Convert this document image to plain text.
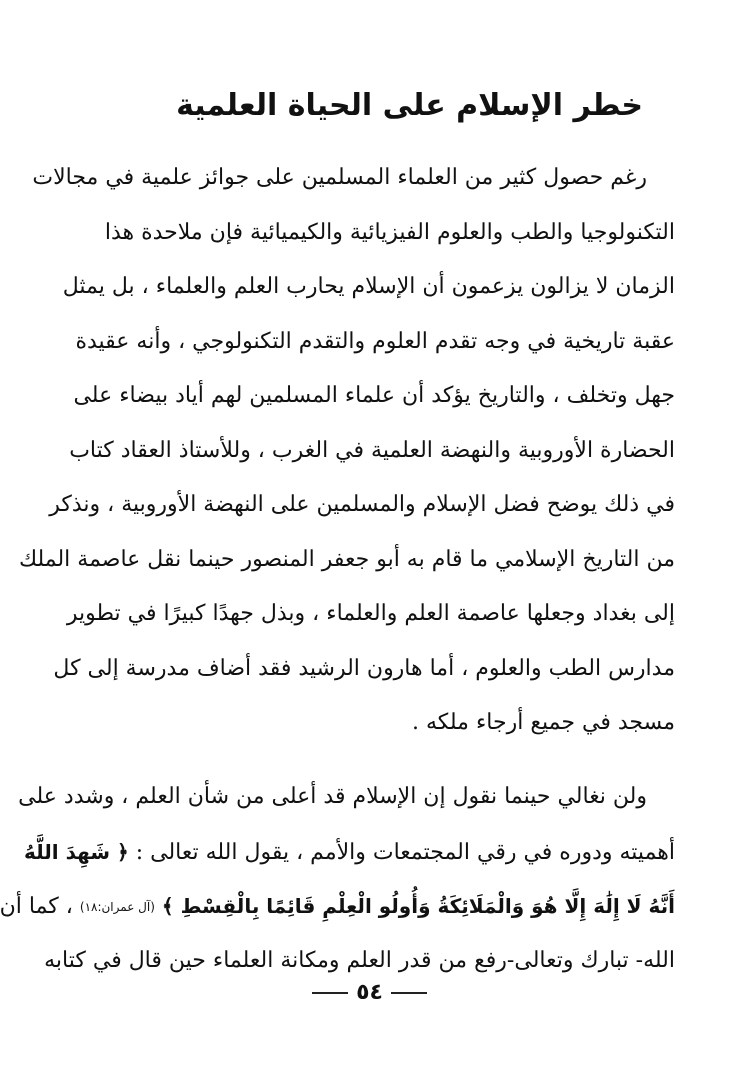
خطر الإسلام على الحياة العلمية
رغم حصول كثير من العلماء المسلمين على جوائز علمية في مجالات
التكنولوجيا والطب والعلوم الفيزيائية والكيميائية فإن ملاحدة هذا
الزمان لا يزالون يزعمون أن الإسلام يحارب العلم والعلماء ، بل يمثل
عقبة تاريخية في وجه تقدم العلوم والتقدم التكنولوجي ، وأنه عقيدة
جهل وتخلف ، والتاريخ يؤكد أن علماء المسلمين لهم أياد بيضاء على
الحضارة الأوروبية والنهضة العلمية في الغرب ، وللأستاذ العقاد كتاب
في ذلك يوضح فضل الإسلام والمسلمين على النهضة الأوروبية ، ونذكر
من التاريخ الإسلامي ما قام به أبو جعفر المنصور حينما نقل عاصمة الملك
إلى بغداد وجعلها عاصمة العلم والعلماء ، وبذل جهدًا كبيرًا في تطوير
مدارس الطب والعلوم ، أما هارون الرشيد فقد أضاف مدرسة إلى كل
مسجد في جميع أرجاء ملكه .
ولن نغالي حينما نقول إن الإسلام قد أعلى من شأن العلم ، وشدد على
أهميته ودوره في رقي المجتمعات والأمم ، يقول الله تعالى : ﴿ شَهِدَ اللَّهُ
أَنَّهُ لَا إِلَٰهَ إِلَّا هُوَ وَالْمَلَائِكَةُ وَأُولُو الْعِلْمِ قَائِمًا بِالْقِسْطِ ﴾ (آل عمران:١٨) ، كما أن
الله- تبارك وتعالى-رفع من قدر العلم ومكانة العلماء حين قال في كتابه
٥٤
